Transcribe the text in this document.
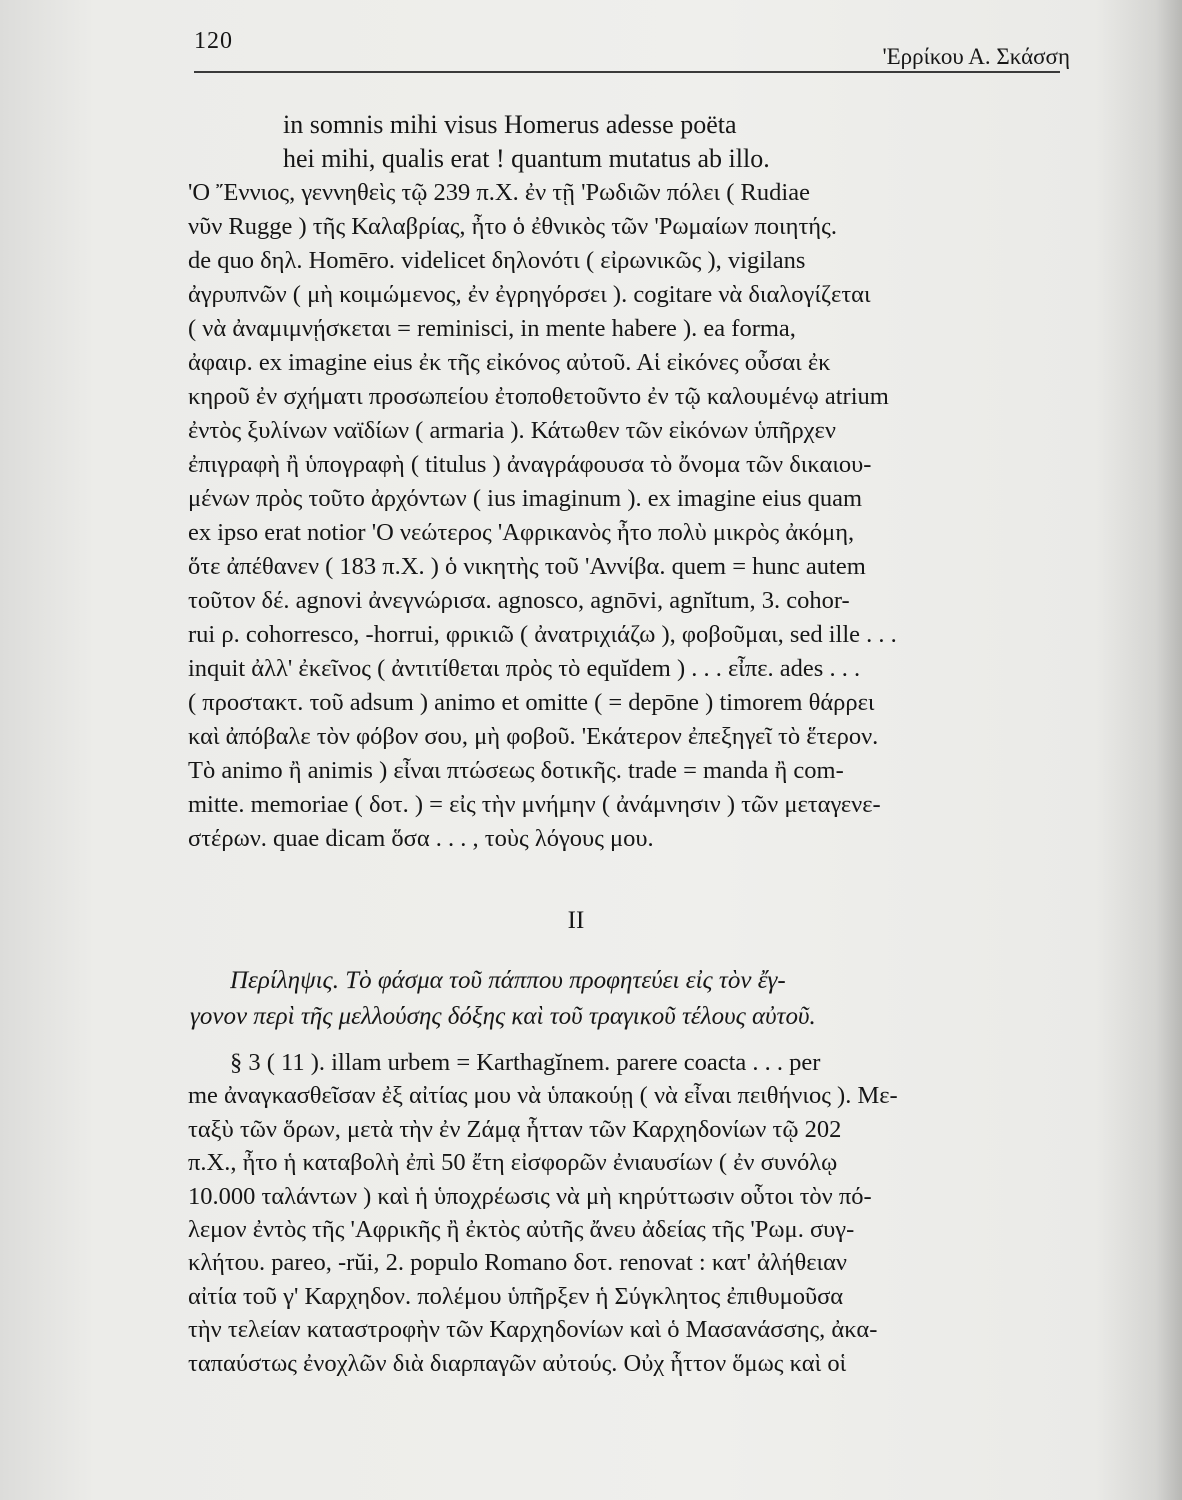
120
'Ερρίκου Α. Σκάσση
in somnis mihi visus Homerus adesse poëta
hei mihi, qualis erat ! quantum mutatus ab illo.
'Ο Ἔννιος, γεννηθεὶς τῷ 239 π.Χ. ἐν τῇ 'Ρωδιῶν πόλει ( Rudiae
νῦν Rugge ) τῆς Καλαβρίας, ἦτο ὁ ἐθνικὸς τῶν 'Ρωμαίων ποιητής.
de quo δηλ. Homēro. videlicet δηλονότι ( εἰρωνικῶς ), vigilans
ἀγρυπνῶν ( μὴ κοιμώμενος, ἐν ἐγρηγόρσει ). cogitare νὰ διαλογίζεται
( νὰ ἀναμιμνῄσκεται = reminisci, in mente habere ). ea forma,
ἀφαιρ. ex imagine eius ἐκ τῆς εἰκόνος αὐτοῦ. Αἱ εἰκόνες οὖσαι ἐκ
κηροῦ ἐν σχήματι προσωπείου ἐτοποθετοῦντο ἐν τῷ καλουμένῳ atrium
ἐντὸς ξυλίνων ναϊδίων ( armaria ). Κάτωθεν τῶν εἰκόνων ὑπῆρχεν
ἐπιγραφὴ ἢ ὑπογραφὴ ( titulus ) ἀναγράφουσα τὸ ὄνομα τῶν δικαιου-
μένων πρὸς τοῦτο ἀρχόντων ( ius imaginum ). ex imagine eius quam
ex ipso erat notior 'Ο νεώτερος 'Αφρικανὸς ἦτο πολὺ μικρὸς ἀκόμη,
ὅτε ἀπέθανεν ( 183 π.Χ. ) ὁ νικητὴς τοῦ 'Αννίβα. quem = hunc autem
τοῦτον δέ. agnovi ἀνεγνώρισα. agnosco, agnōvi, agnĭtum, 3. cohor-
rui ρ. cohorresco, -horrui, φρικιῶ ( ἀνατριχιάζω ), φοβοῦμαι, sed ille . . .
inquit ἀλλ' ἐκεῖνος ( ἀντιτίθεται πρὸς τὸ equĭdem ) . . . εἶπε. ades . . .
( προστακτ. τοῦ adsum ) animo et omitte ( = depōne ) timorem θάρρει
καὶ ἀπόβαλε τὸν φόβον σου, μὴ φοβοῦ. 'Εκάτερον ἐπεξηγεῖ τὸ ἕτερον.
Τὸ animo ἢ animis ) εἶναι πτώσεως δοτικῆς. trade = manda ἢ com-
mitte. memoriae ( δοτ. ) = εἰς τὴν μνήμην ( ἀνάμνησιν ) τῶν μεταγενε-
στέρων. quae dicam ὅσα . . . , τοὺς λόγους μου.
II
Περίληψις. Τὸ φάσμα τοῦ πάππου προφητεύει εἰς τὸν ἔγ-
γονον περὶ τῆς μελλούσης δόξης καὶ τοῦ τραγικοῦ τέλους αὐτοῦ.
§ 3 ( 11 ). illam urbem = Karthagĭnem. parere coacta . . . per
me ἀναγκασθεῖσαν ἐξ αἰτίας μου νὰ ὑπακούῃ ( νὰ εἶναι πειθήνιος ). Με-
ταξὺ τῶν ὅρων, μετὰ τὴν ἐν Ζάμᾳ ἧτταν τῶν Καρχηδονίων τῷ 202
π.Χ., ἦτο ἡ καταβολὴ ἐπὶ 50 ἔτη εἰσφορῶν ἐνιαυσίων ( ἐν συνόλῳ
10.000 ταλάντων ) καὶ ἡ ὑποχρέωσις νὰ μὴ κηρύττωσιν οὗτοι τὸν πό-
λεμον ἐντὸς τῆς 'Αφρικῆς ἢ ἐκτὸς αὐτῆς ἄνευ ἀδείας τῆς 'Ρωμ. συγ-
κλήτου. pareo, -rŭi, 2. populo Romano δοτ. renovat : κατ' ἀλήθειαν
αἰτία τοῦ γ' Καρχηδον. πολέμου ὑπῆρξεν ἡ Σύγκλητος ἐπιθυμοῦσα
τὴν τελείαν καταστροφὴν τῶν Καρχηδονίων καὶ ὁ Μασανάσσης, ἀκα-
ταπαύστως ἐνοχλῶν διὰ διαρπαγῶν αὐτούς. Οὐχ ἧττον ὅμως καὶ οἱ
